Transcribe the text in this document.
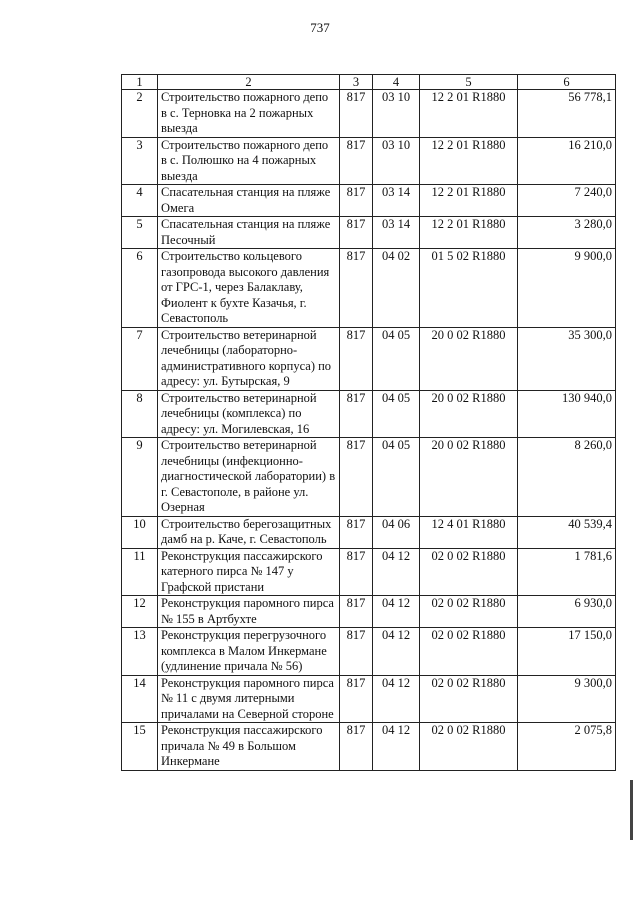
737
1	2	3	4	5	6
2	Строительство пожарного депо в с. Терновка на 2 пожарных выезда	817	03 10	12 2 01 R1880	56 778,1
3	Строительство пожарного депо в с. Полюшко на 4 пожарных выезда	817	03 10	12 2 01 R1880	16 210,0
4	Спасательная станция на пляже Омега	817	03 14	12 2 01 R1880	7 240,0
5	Спасательная станция на пляже Песочный	817	03 14	12 2 01 R1880	3 280,0
6	Строительство кольцевого газопровода высокого давления от ГРС-1, через Балаклаву, Фиолент к бухте Казачья, г. Севастополь	817	04 02	01 5 02 R1880	9 900,0
7	Строительство ветеринарной лечебницы (лабораторно-административного корпуса) по адресу: ул. Бутырская, 9	817	04 05	20 0 02 R1880	35 300,0
8	Строительство ветеринарной лечебницы (комплекса) по адресу: ул. Могилевская, 16	817	04 05	20 0 02 R1880	130 940,0
9	Строительство ветеринарной лечебницы (инфекционно-диагностической лаборатории) в г. Севастополе, в районе ул. Озерная	817	04 05	20 0 02 R1880	8 260,0
10	Строительство берегозащитных дамб на р. Каче, г. Севастополь	817	04 06	12 4 01 R1880	40 539,4
11	Реконструкция пассажирского катерного пирса № 147 у Графской пристани	817	04 12	02 0 02 R1880	1 781,6
12	Реконструкция паромного пирса № 155 в Артбухте	817	04 12	02 0 02 R1880	6 930,0
13	Реконструкция перегрузочного комплекса в Малом Инкермане (удлинение причала № 56)	817	04 12	02 0 02 R1880	17 150,0
14	Реконструкция паромного пирса № 11 с двумя литерными причалами на Северной стороне	817	04 12	02 0 02 R1880	9 300,0
15	Реконструкция пассажирского причала № 49 в Большом Инкермане	817	04 12	02 0 02 R1880	2 075,8
